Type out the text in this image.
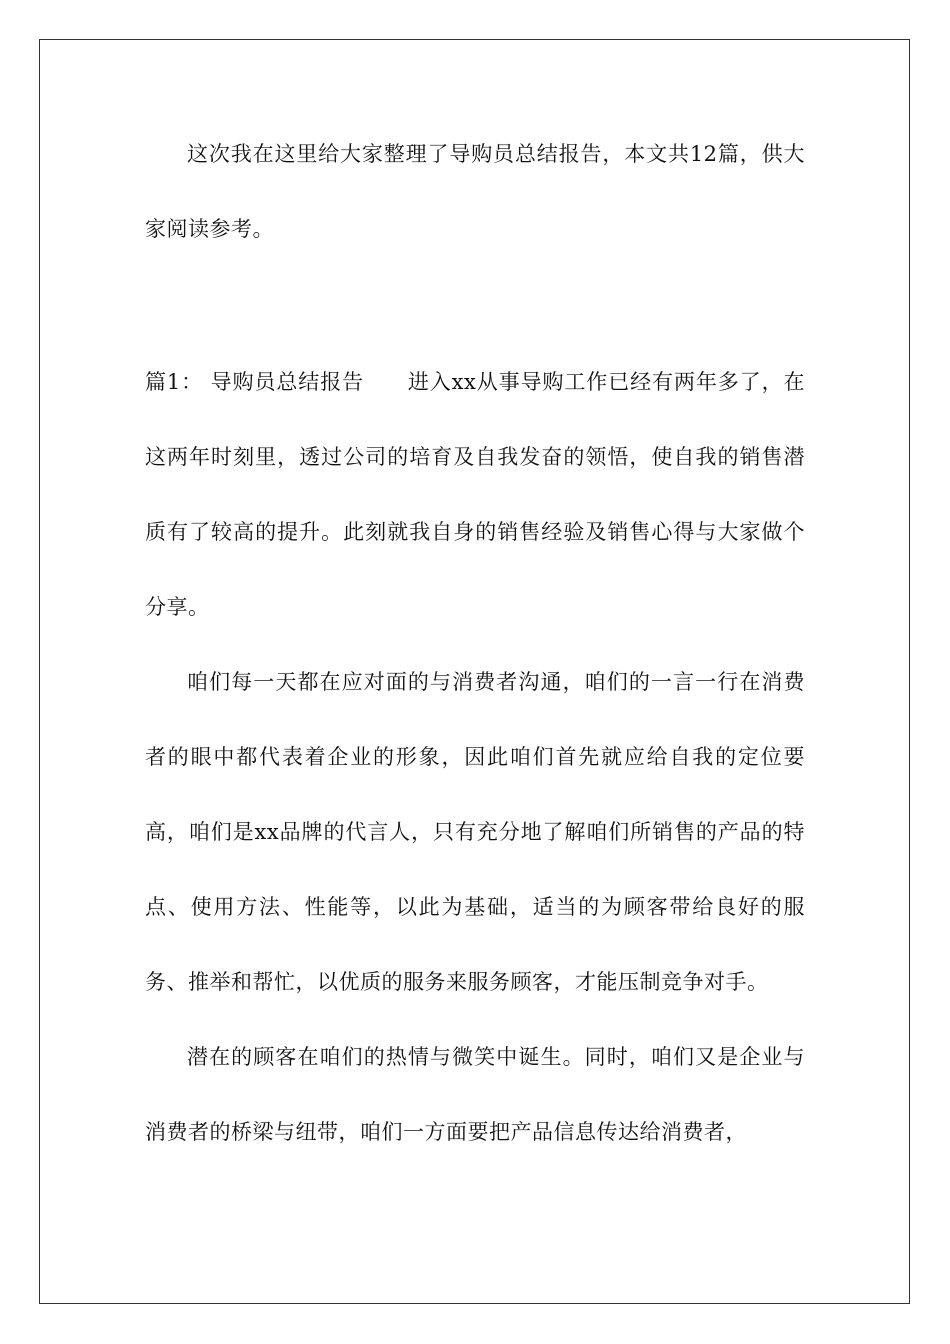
这次我在这里给大家整理了导购员总结报告，本文共12篇，供大家阅读参考。

篇1： 导购员总结报告　　进入xx从事导购工作已经有两年多了，在这两年时刻里，透过公司的培育及自我发奋的领悟，使自我的销售潜质有了较高的提升。此刻就我自身的销售经验及销售心得与大家做个分享。

咱们每一天都在应对面的与消费者沟通，咱们的一言一行在消费者的眼中都代表着企业的形象，因此咱们首先就应给自我的定位要高，咱们是xx品牌的代言人，只有充分地了解咱们所销售的产品的特点、使用方法、性能等，以此为基础，适当的为顾客带给良好的服务、推举和帮忙，以优质的服务来服务顾客，才能压制竞争对手。

潜在的顾客在咱们的热情与微笑中诞生。同时，咱们又是企业与消费者的桥梁与纽带，咱们一方面要把产品信息传达给消费者，
